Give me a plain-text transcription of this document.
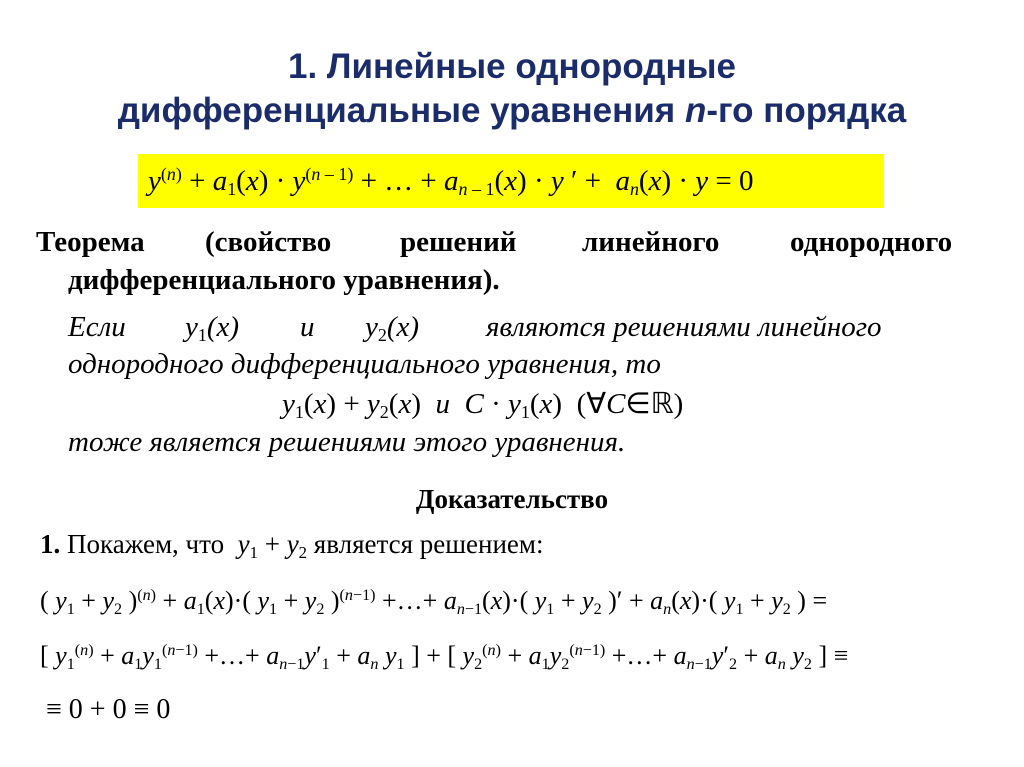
1. Линейные однородные
дифференциальные уравнения n-го порядка
$y^{(n)} + a_1(x) \cdot y^{(n - 1)}$ + … + $a_{n - 1}(x) \cdot y$ ′ +  $a_n(x) \cdot y = 0$
Теорема (свойство решений линейного однородного
дифференциального уравнения).
Если $y_1(x)$ и $y_2(x)$ являются решениями линейного
однородного дифференциального уравнения, то
$y_1(x) + y_2(x)$  и $C \cdot y_1(x)$  (∀C∈ℝ)
тоже является решениями этого уравнения.
Доказательство
1. Покажем, что $y_1 + y_2$ является решением:
( $y_1 + y_2$ )$^{(n)} + a_1(x)\cdot$( $y_1 + y_2$ )$^{(n-1)}$ +…+ $a_{n-1}(x)\cdot$( $y_1 + y_2$ )′ + $a_n(x)\cdot$( $y_1 + y_2$ ) =
[ $y_1^{(n)} + a_1y_1^{(n-1)}$ +…+ $a_{n-1}y'_1 + a_n$ $y_1$ ] + [ $y_2^{(n)} + a_1y_2^{(n-1)}$ +…+ $a_{n-1}y'_2 + a_n$ $y_2$ ] ≡
≡ 0 + 0 ≡ 0
